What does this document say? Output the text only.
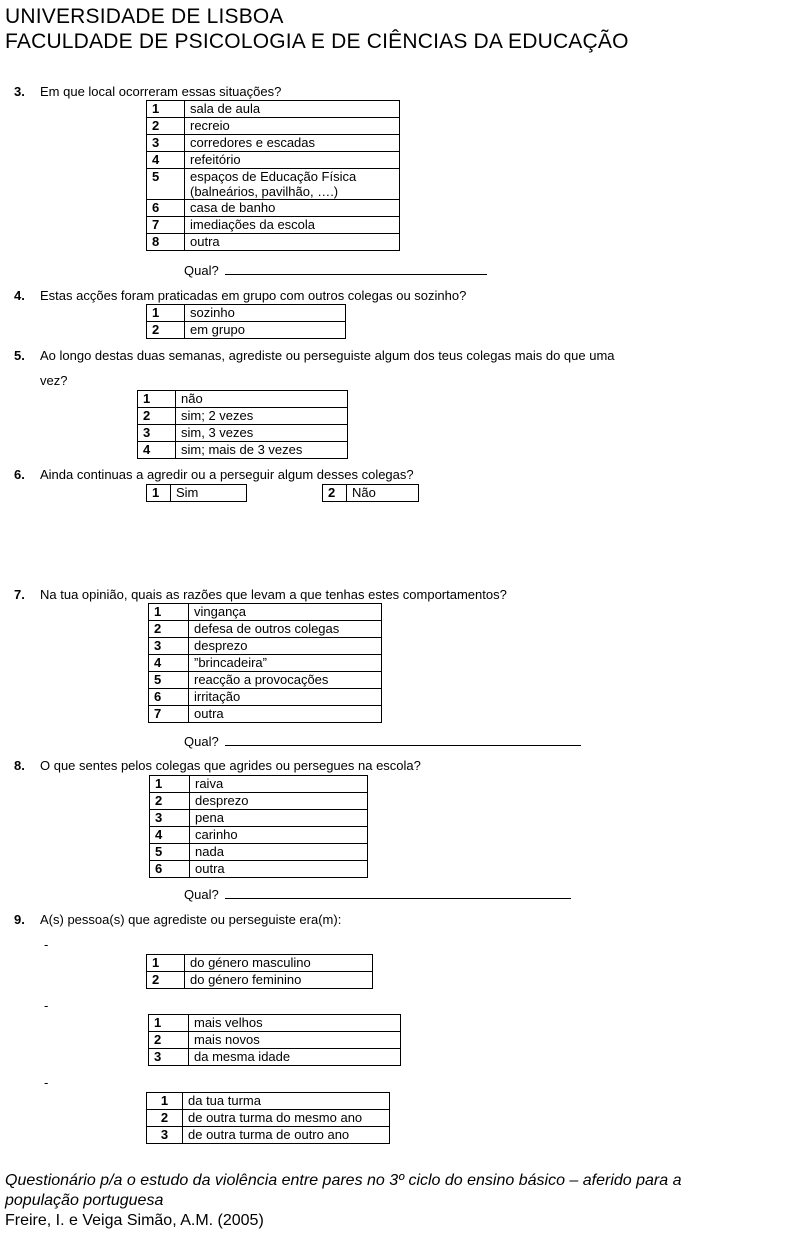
UNIVERSIDADE DE LISBOA
FACULDADE DE PSICOLOGIA E DE CIÊNCIAS DA EDUCAÇÃO
3. Em que local ocorreram essas situações?
1	sala de aula
2	recreio
3	corredores e escadas
4	refeitório
5	espaços de Educação Física
(balneários, pavilhão, ….)

6	casa de banho
7	imediações da escola
8	outra
Qual?
4. Estas acções foram praticadas em grupo com outros colegas ou sozinho?
1	sozinho
2	em grupo
5. Ao longo destas duas semanas, agrediste ou perseguiste algum dos teus colegas mais do que uma
vez?
1	não
2	sim; 2 vezes
3	sim, 3 vezes
4	sim; mais de 3 vezes
6. Ainda continuas a agredir ou a perseguir algum desses colegas?
1	Sim	2	Não
7. Na tua opinião, quais as razões que levam a que tenhas estes comportamentos?
1	vingança
2	defesa de outros colegas
3	desprezo
4	”brincadeira”
5	reacção a provocações
6	irritação
7	outra
Qual?
8. O que sentes pelos colegas que agrides ou persegues na escola?
1	raiva
2	desprezo
3	pena
4	carinho
5	nada
6	outra
Qual?
9. A(s) pessoa(s) que agrediste ou perseguiste era(m):
-
1	do género masculino
2	do género feminino
-
1	mais velhos
2	mais novos
3	da mesma idade
-
1	da tua turma
2	de outra turma do mesmo ano
3	de outra turma de outro ano
Questionário p/a o estudo da violência entre pares no 3º ciclo do ensino básico – aferido para a
população portuguesa
Freire, I. e Veiga Simão, A.M. (2005)
